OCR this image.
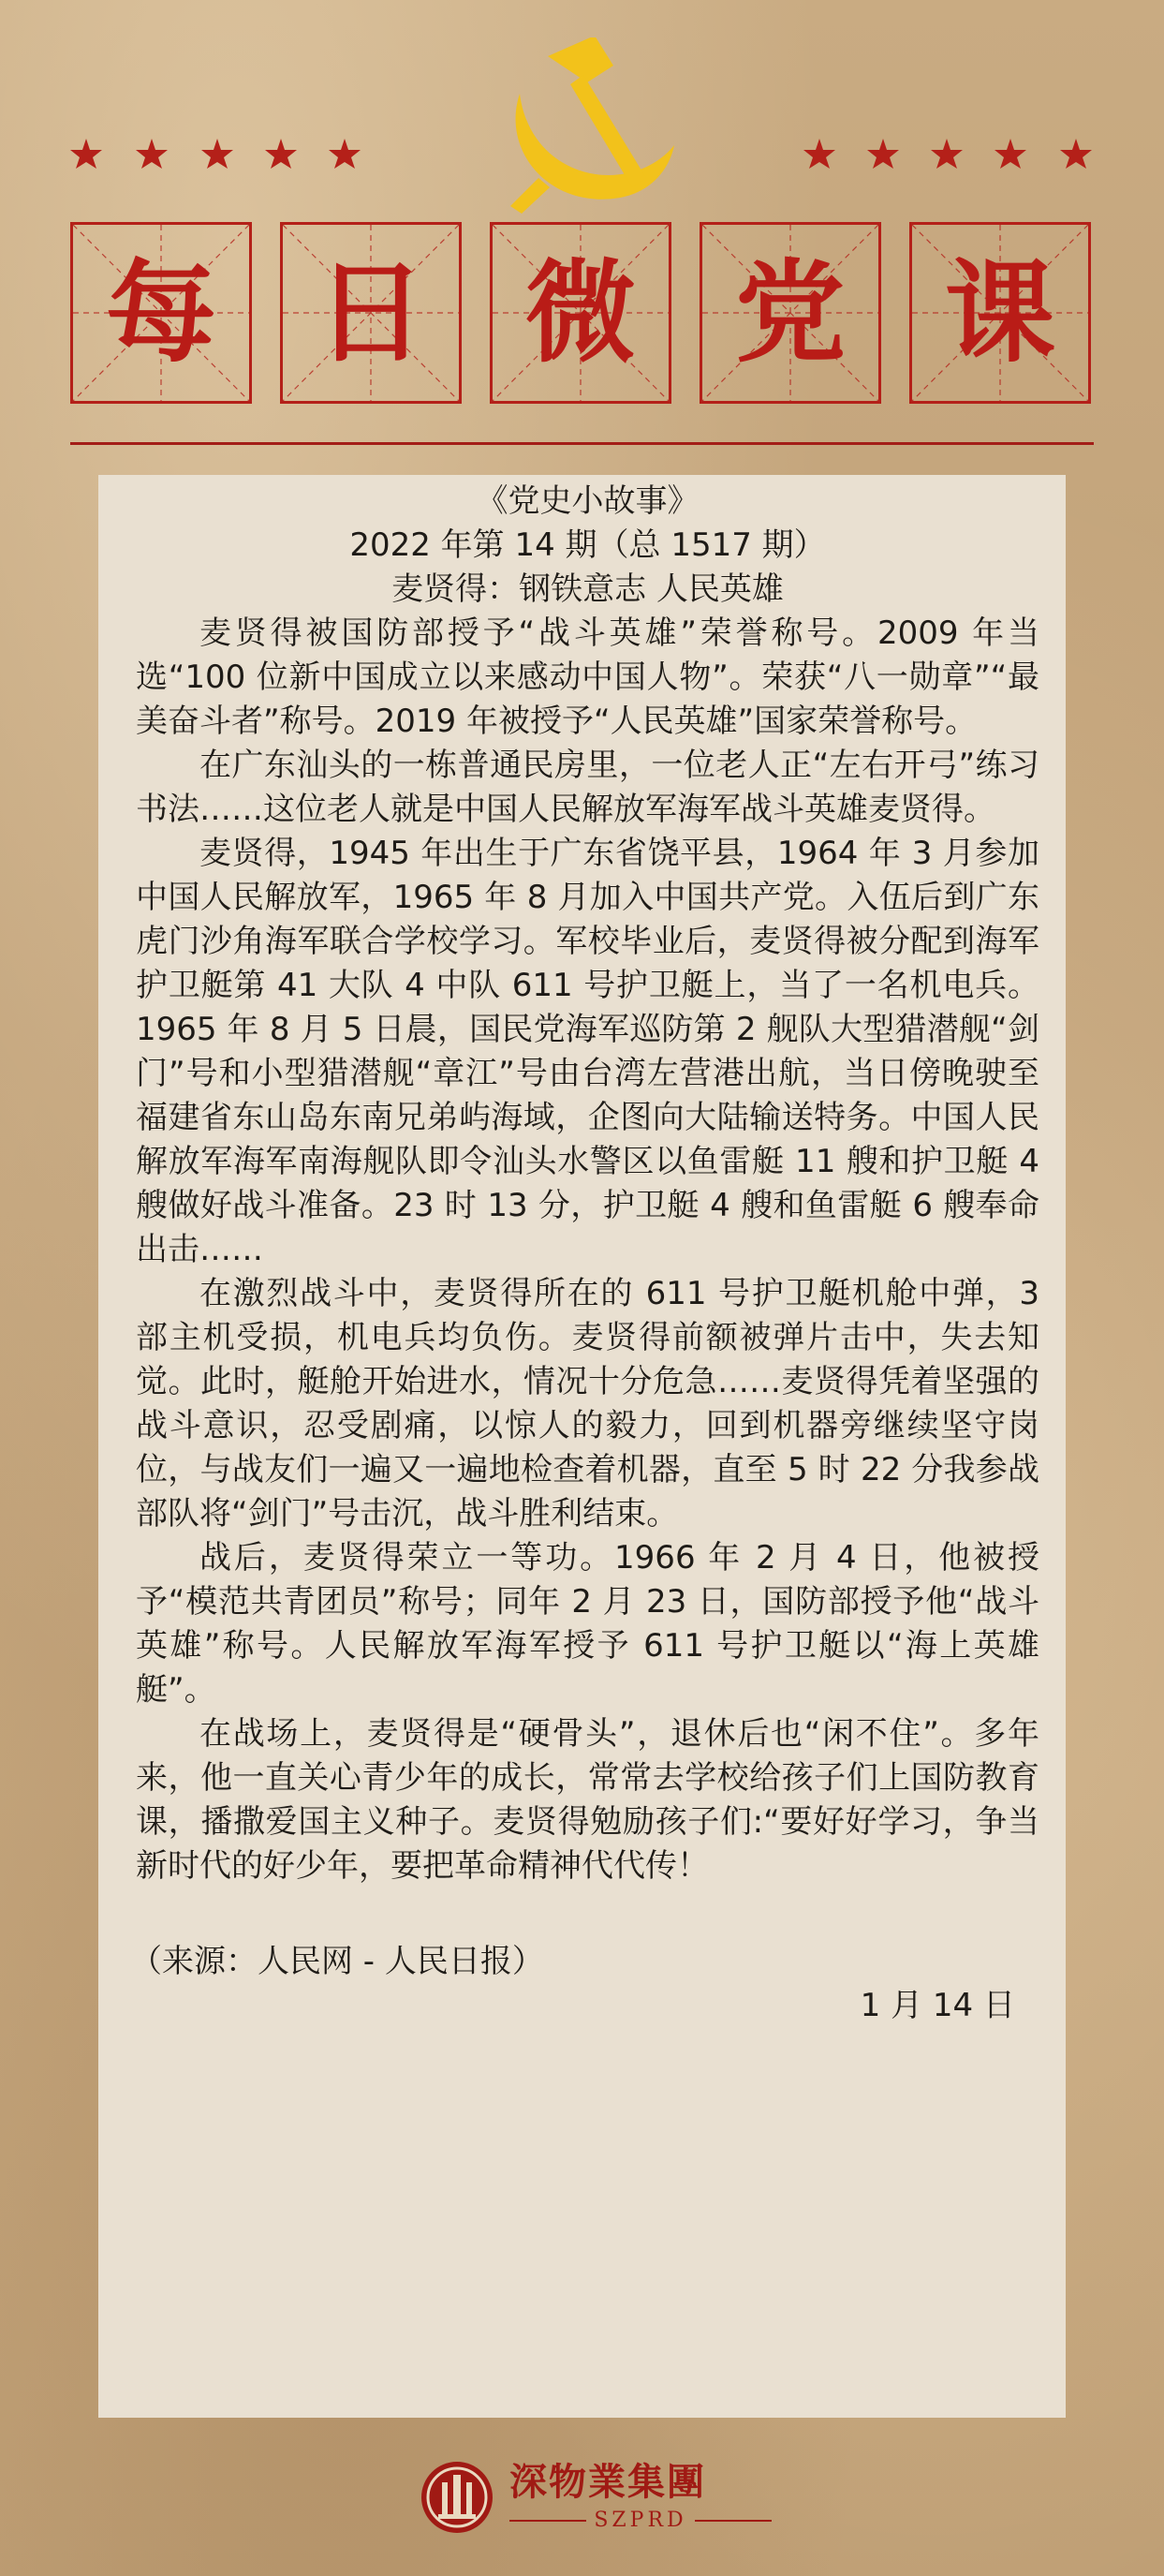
每 日 微 党 课

《党史小故事》

2022 年第 14 期（总 1517 期）

麦贤得：钢铁意志 人民英雄

麦贤得被国防部授予“战斗英雄”荣誉称号。2009 年当选“100 位新中国成立以来感动中国人物”。荣获“八一勋章”“最美奋斗者”称号。2019 年被授予“人民英雄”国家荣誉称号。

在广东汕头的一栋普通民房里，一位老人正“左右开弓”练习书法……这位老人就是中国人民解放军海军战斗英雄麦贤得。

麦贤得，1945 年出生于广东省饶平县，1964 年 3 月参加中国人民解放军，1965 年 8 月加入中国共产党。入伍后到广东虎门沙角海军联合学校学习。军校毕业后，麦贤得被分配到海军护卫艇第 41 大队 4 中队 611 号护卫艇上，当了一名机电兵。1965 年 8 月 5 日晨，国民党海军巡防第 2 舰队大型猎潜舰“剑门”号和小型猎潜舰“章江”号由台湾左营港出航，当日傍晚驶至福建省东山岛东南兄弟屿海域，企图向大陆输送特务。中国人民解放军海军南海舰队即令汕头水警区以鱼雷艇 11 艘和护卫艇 4 艘做好战斗准备。23 时 13 分，护卫艇 4 艘和鱼雷艇 6 艘奉命出击……

在激烈战斗中，麦贤得所在的 611 号护卫艇机舱中弹，3 部主机受损，机电兵均负伤。麦贤得前额被弹片击中，失去知觉。此时，艇舱开始进水，情况十分危急……麦贤得凭着坚强的战斗意识，忍受剧痛，以惊人的毅力，回到机器旁继续坚守岗位，与战友们一遍又一遍地检查着机器，直至 5 时 22 分我参战部队将“剑门”号击沉，战斗胜利结束。

战后，麦贤得荣立一等功。1966 年 2 月 4 日，他被授予“模范共青团员”称号；同年 2 月 23 日，国防部授予他“战斗英雄”称号。人民解放军海军授予 611 号护卫艇以“海上英雄艇”。

在战场上，麦贤得是“硬骨头”，退休后也“闲不住”。多年来，他一直关心青少年的成长，常常去学校给孩子们上国防教育课，播撒爱国主义种子。麦贤得勉励孩子们:“要好好学习，争当新时代的好少年，要把革命精神代代传！

（来源：人民网 - 人民日报）

1 月 14 日

深物業集團
SZPRD
